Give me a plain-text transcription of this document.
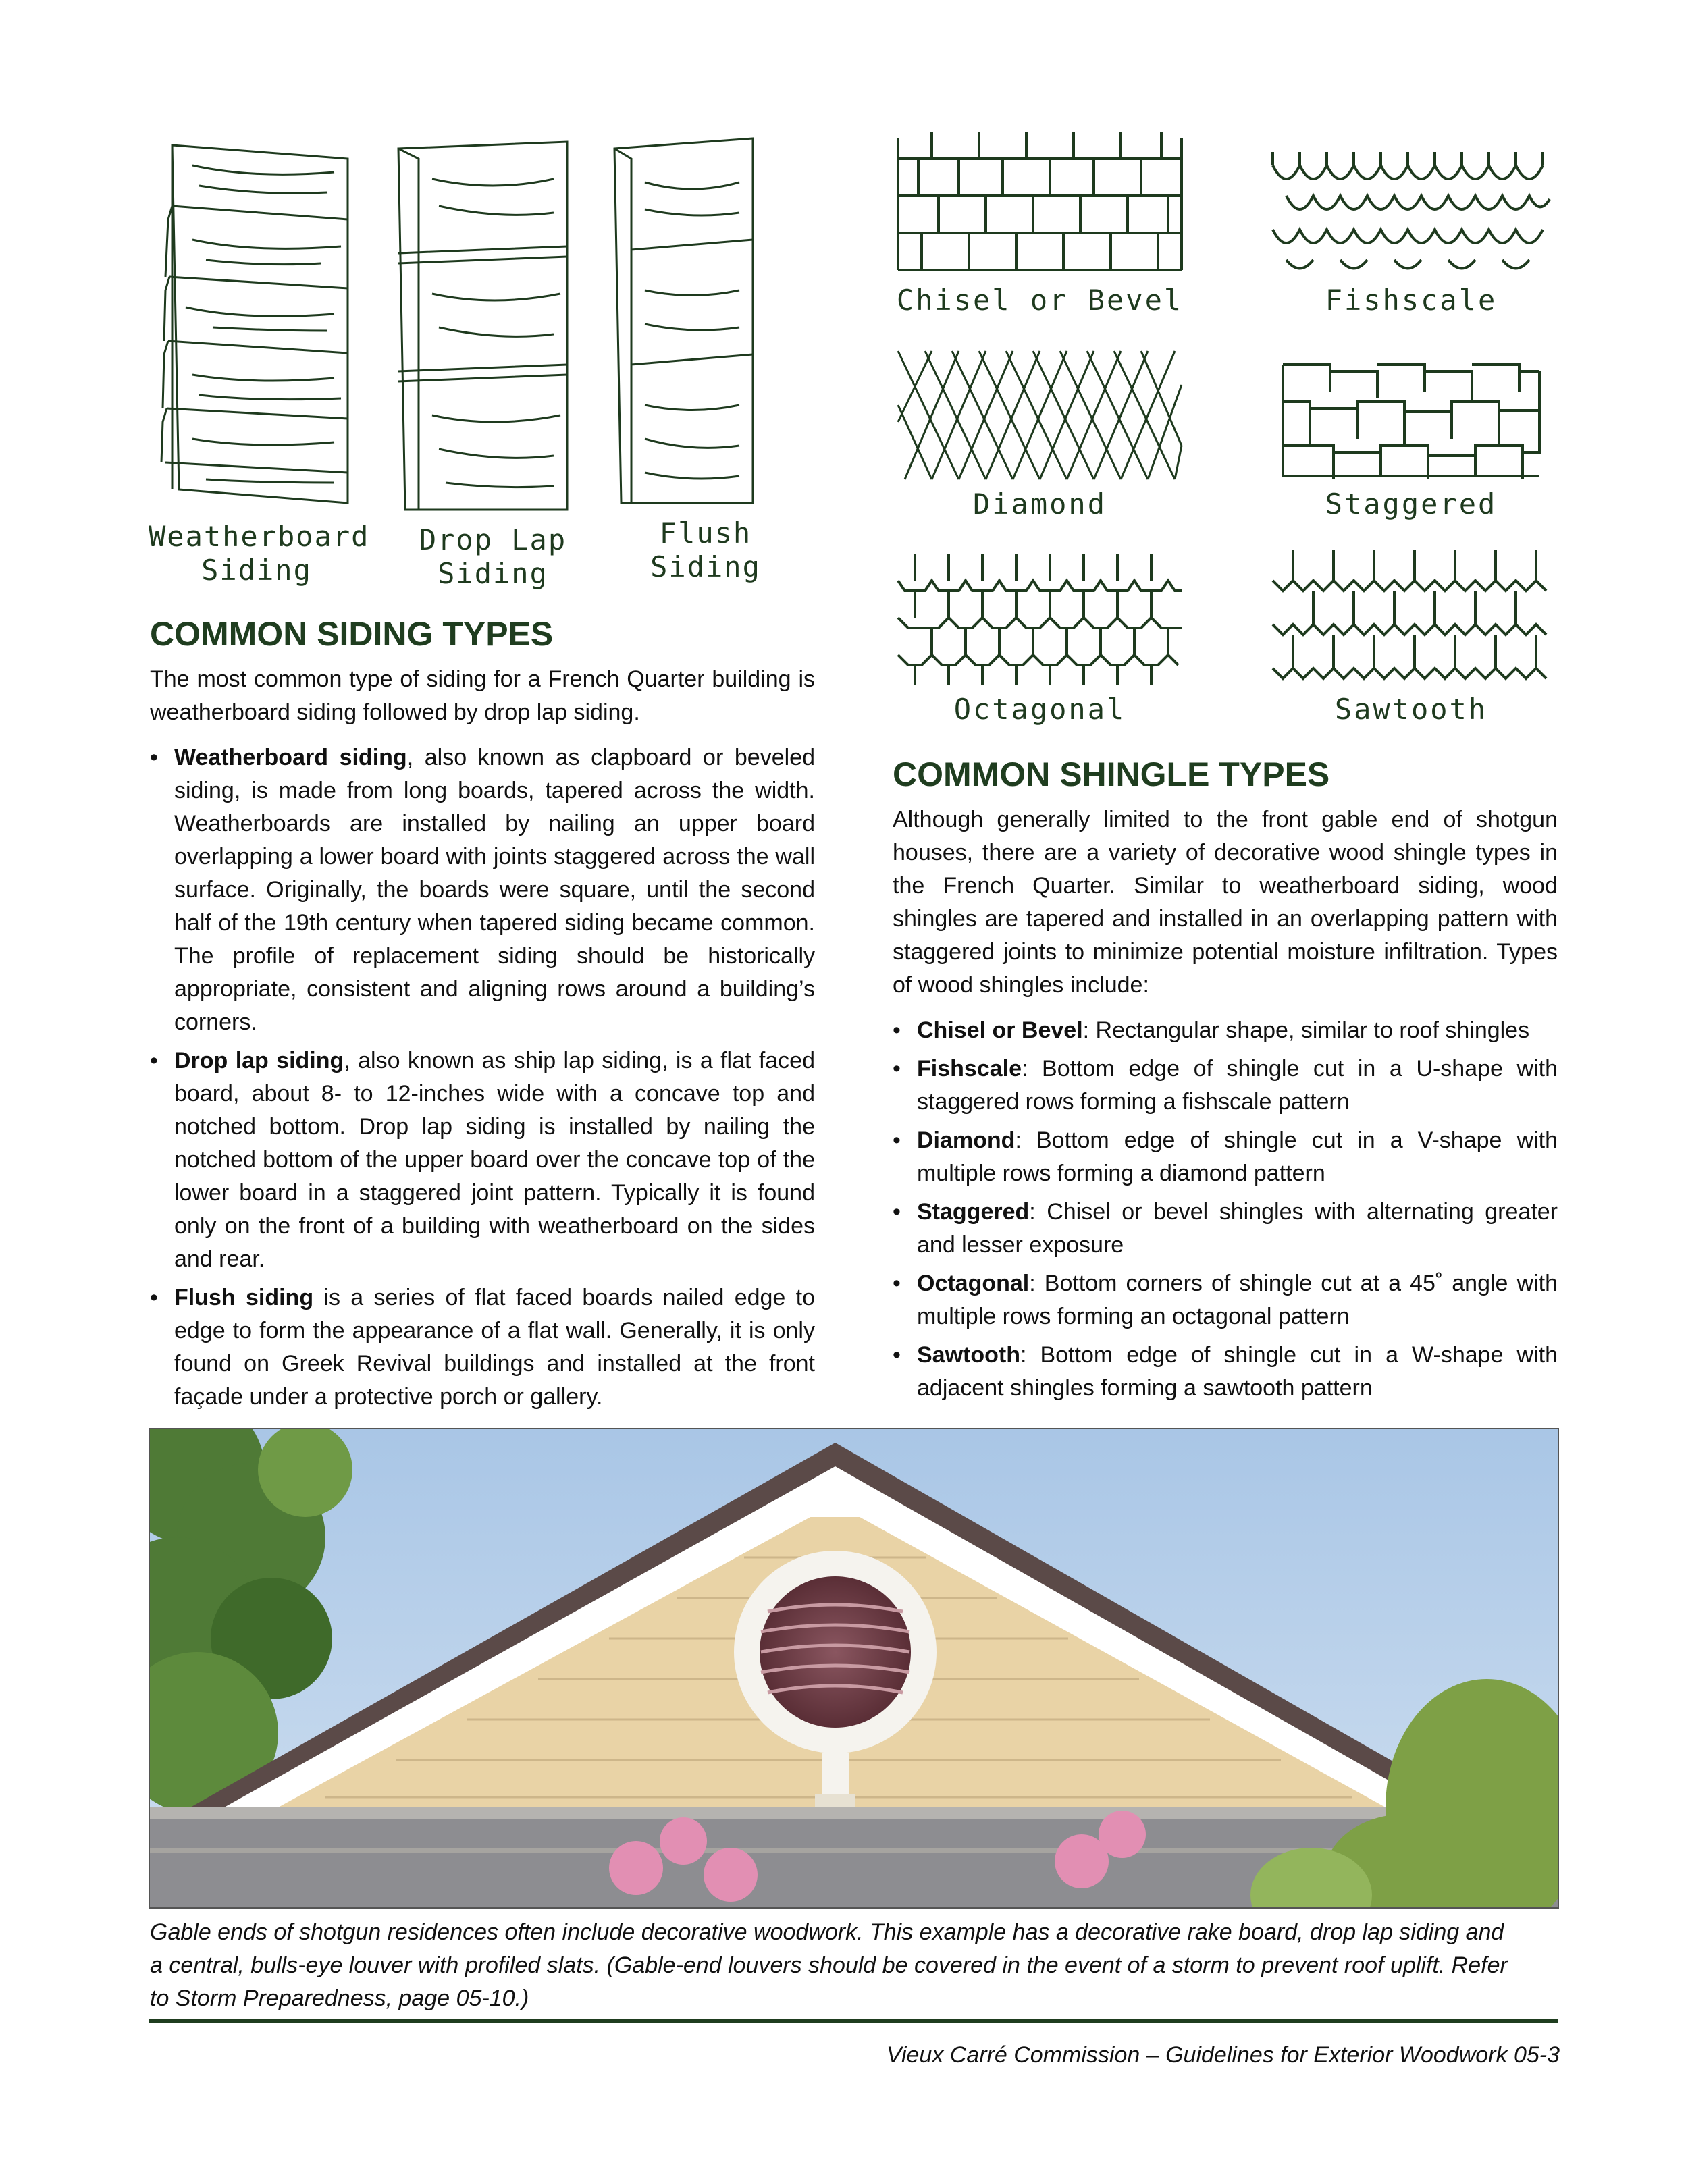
Weatherboard
Siding
Drop Lap
Siding
Flush
Siding
Chisel or Bevel	Fishscale
Diamond	Staggered
Octagonal	Sawtooth
COMMON SIDING TYPES

The most common type of siding for a French Quarter building is weatherboard siding followed by drop lap siding.

• Weatherboard siding, also known as clapboard or beveled siding, is made from long boards, tapered across the width. Weatherboards are installed by nailing an upper board overlapping a lower board with joints staggered across the wall surface. Originally, the boards were square, until the second half of the 19th century when tapered siding became common. The profile of replacement siding should be historically appropriate, consistent and aligning rows around a building’s corners.
• Drop lap siding, also known as ship lap siding, is a flat faced board, about 8- to 12-inches wide with a concave top and notched bottom. Drop lap siding is installed by nailing the notched bottom of the upper board over the concave top of the lower board in a staggered joint pattern. Typically it is found only on the front of a building with weatherboard on the sides and rear.
• Flush siding is a series of flat faced boards nailed edge to edge to form the appearance of a flat wall. Generally, it is only found on Greek Revival buildings and installed at the front façade under a protective porch or gallery.
COMMON SHINGLE TYPES

Although generally limited to the front gable end of shotgun houses, there are a variety of decorative wood shingle types in the French Quarter. Similar to weatherboard siding, wood shingles are tapered and installed in an overlapping pattern with staggered joints to minimize potential moisture infiltration. Types of wood shingles include:

• Chisel or Bevel: Rectangular shape, similar to roof shingles
• Fishscale: Bottom edge of shingle cut in a U-shape with staggered rows forming a fishscale pattern
• Diamond: Bottom edge of shingle cut in a V-shape with multiple rows forming a diamond pattern
• Staggered: Chisel or bevel shingles with alternating greater and lesser exposure
• Octagonal: Bottom corners of shingle cut at a 45˚ angle with multiple rows forming an octagonal pattern
• Sawtooth: Bottom edge of shingle cut in a W-shape with adjacent shingles forming a sawtooth pattern
Gable ends of shotgun residences often include decorative woodwork. This example has a decorative rake board, drop lap siding and a central, bulls-eye louver with profiled slats. (Gable-end louvers should be covered in the event of a storm to prevent roof uplift. Refer to Storm Preparedness, page 05-10.)
Vieux Carré Commission – Guidelines for Exterior Woodwork 05-3
